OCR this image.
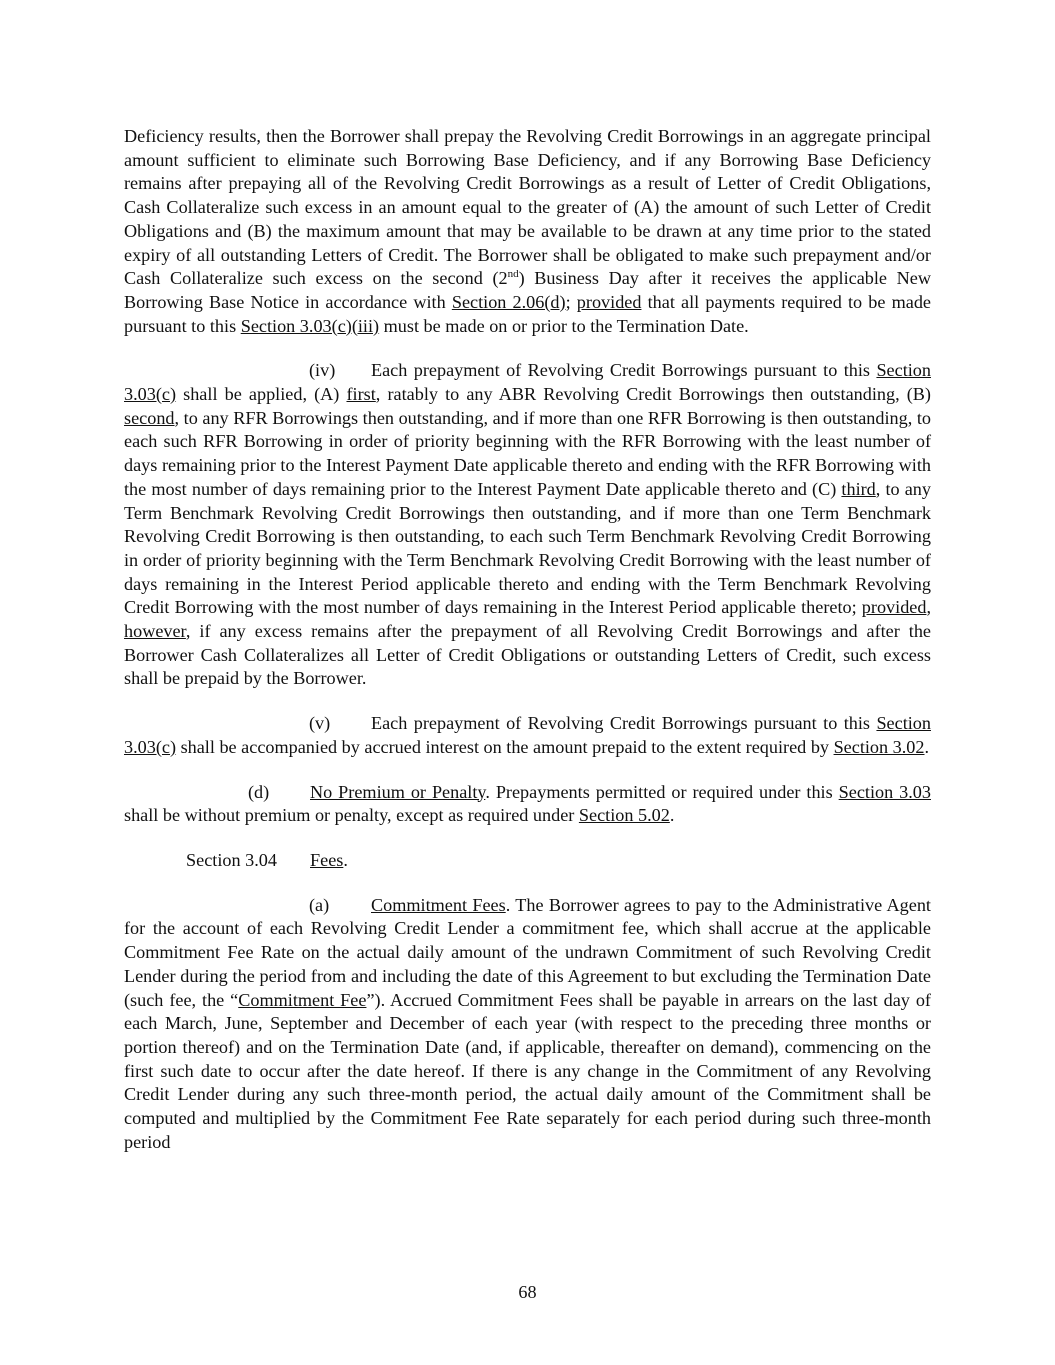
Deficiency results, then the Borrower shall prepay the Revolving Credit Borrowings in an aggregate principal amount sufficient to eliminate such Borrowing Base Deficiency, and if any Borrowing Base Deficiency remains after prepaying all of the Revolving Credit Borrowings as a result of Letter of Credit Obligations, Cash Collateralize such excess in an amount equal to the greater of (A) the amount of such Letter of Credit Obligations and (B) the maximum amount that may be available to be drawn at any time prior to the stated expiry of all outstanding Letters of Credit. The Borrower shall be obligated to make such prepayment and/or Cash Collateralize such excess on the second (2nd) Business Day after it receives the applicable New Borrowing Base Notice in accordance with Section 2.06(d); provided that all payments required to be made pursuant to this Section 3.03(c)(iii) must be made on or prior to the Termination Date.

(iv) Each prepayment of Revolving Credit Borrowings pursuant to this Section 3.03(c) shall be applied, (A) first, ratably to any ABR Revolving Credit Borrowings then outstanding, (B) second, to any RFR Borrowings then outstanding, and if more than one RFR Borrowing is then outstanding, to each such RFR Borrowing in order of priority beginning with the RFR Borrowing with the least number of days remaining prior to the Interest Payment Date applicable thereto and ending with the RFR Borrowing with the most number of days remaining prior to the Interest Payment Date applicable thereto and (C) third, to any Term Benchmark Revolving Credit Borrowings then outstanding, and if more than one Term Benchmark Revolving Credit Borrowing is then outstanding, to each such Term Benchmark Revolving Credit Borrowing in order of priority beginning with the Term Benchmark Revolving Credit Borrowing with the least number of days remaining in the Interest Period applicable thereto and ending with the Term Benchmark Revolving Credit Borrowing with the most number of days remaining in the Interest Period applicable thereto; provided, however, if any excess remains after the prepayment of all Revolving Credit Borrowings and after the Borrower Cash Collateralizes all Letter of Credit Obligations or outstanding Letters of Credit, such excess shall be prepaid by the Borrower.

(v) Each prepayment of Revolving Credit Borrowings pursuant to this Section 3.03(c) shall be accompanied by accrued interest on the amount prepaid to the extent required by Section 3.02.

(d) No Premium or Penalty. Prepayments permitted or required under this Section 3.03 shall be without premium or penalty, except as required under Section 5.02.

Section 3.04 Fees.

(a) Commitment Fees. The Borrower agrees to pay to the Administrative Agent for the account of each Revolving Credit Lender a commitment fee, which shall accrue at the applicable Commitment Fee Rate on the actual daily amount of the undrawn Commitment of such Revolving Credit Lender during the period from and including the date of this Agreement to but excluding the Termination Date (such fee, the “Commitment Fee”). Accrued Commitment Fees shall be payable in arrears on the last day of each March, June, September and December of each year (with respect to the preceding three months or portion thereof) and on the Termination Date (and, if applicable, thereafter on demand), commencing on the first such date to occur after the date hereof. If there is any change in the Commitment of any Revolving Credit Lender during any such three-month period, the actual daily amount of the Commitment shall be computed and multiplied by the Commitment Fee Rate separately for each period during such three-month period

68
